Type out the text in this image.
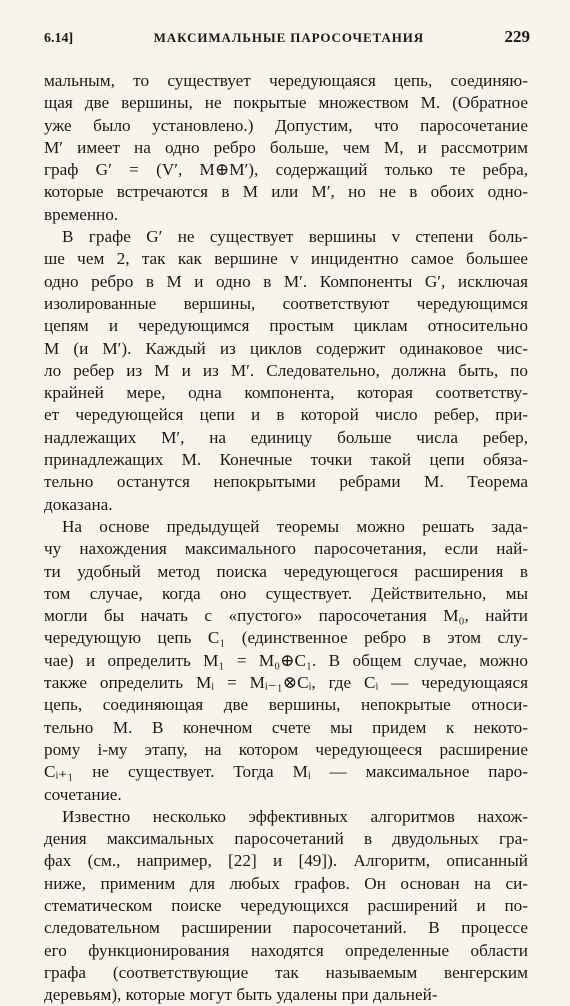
6.14]	МАКСИМАЛЬНЫЕ ПАРОСОЧЕТАНИЯ	229
мальным, то существует чередующаяся цепь, соединяю-
щая две вершины, не покрытые множеством M. (Обратное
уже было установлено.) Допустим, что паросочетание
M′ имеет на одно ребро больше, чем M, и рассмотрим
граф G′ = (V′, M⊕M′), содержащий только те ребра,
которые встречаются в M или M′, но не в обоих одно-
временно.
В графе G′ не существует вершины v степени боль-
ше чем 2, так как вершине v инцидентно самое большее
одно ребро в M и одно в M′. Компоненты G′, исключая
изолированные вершины, соответствуют чередующимся
цепям и чередующимся простым циклам относительно
M (и M′). Каждый из циклов содержит одинаковое чис-
ло ребер из M и из M′. Следовательно, должна быть, по
крайней мере, одна компонента, которая соответству-
ет чередующейся цепи и в которой число ребер, при-
надлежащих M′, на единицу больше числа ребер,
принадлежащих M. Конечные точки такой цепи обяза-
тельно останутся непокрытыми ребрами M. Теорема
доказана.
На основе предыдущей теоремы можно решать зада-
чу нахождения максимального паросочетания, если най-
ти удобный метод поиска чередующегося расширения в
том случае, когда оно существует. Действительно, мы
могли бы начать с «пустого» паросочетания M₀, найти
чередующую цепь C₁ (единственное ребро в этом слу-
чае) и определить M₁ = M₀⊕C₁. В общем случае, можно
также определить Mᵢ = Mᵢ₋₁⊗Cᵢ, где Cᵢ — чередующаяся
цепь, соединяющая две вершины, непокрытые относи-
тельно M. В конечном счете мы придем к некото-
рому i-му этапу, на котором чередующееся расширение
Cᵢ₊₁ не существует. Тогда Mᵢ — максимальное паро-
сочетание.
Известно несколько эффективных алгоритмов нахож-
дения максимальных паросочетаний в двудольных гра-
фах (см., например, [22] и [49]). Алгоритм, описанный
ниже, применим для любых графов. Он основан на си-
стематическом поиске чередующихся расширений и по-
следовательном расширении паросочетаний. В процессе
его функционирования находятся определенные области
графа (соответствующие так называемым венгерским
деревьям), которые могут быть удалены при дальней-
